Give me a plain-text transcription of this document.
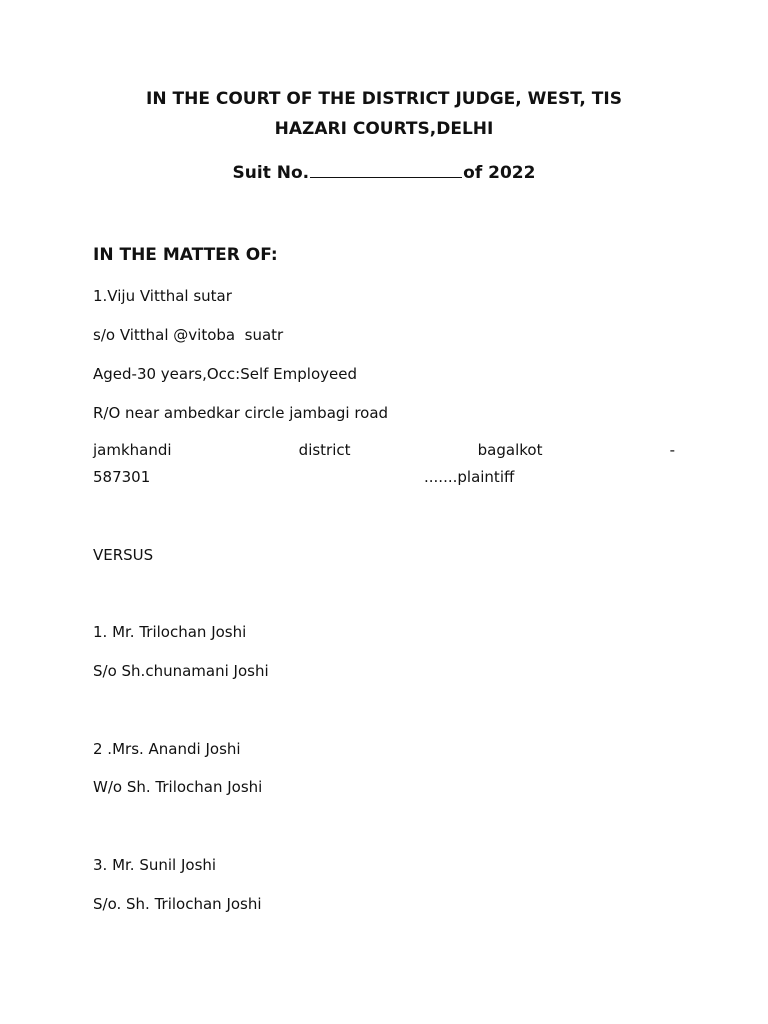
IN THE COURT OF THE DISTRICT JUDGE, WEST, TIS
HAZARI COURTS,DELHI
Suit No.	of 2022
IN THE MATTER OF:
1.Viju Vitthal sutar
s/o Vitthal @vitoba  suatr
Aged-30 years,Occ:Self Employeed
R/O near ambedkar circle jambagi road
jamkhandi	district	bagalkot	-
587301	.......plaintiff
VERSUS
1. Mr. Trilochan Joshi
S/o Sh.chunamani Joshi
2 .Mrs. Anandi Joshi
W/o Sh. Trilochan Joshi
3. Mr. Sunil Joshi
S/o. Sh. Trilochan Joshi
